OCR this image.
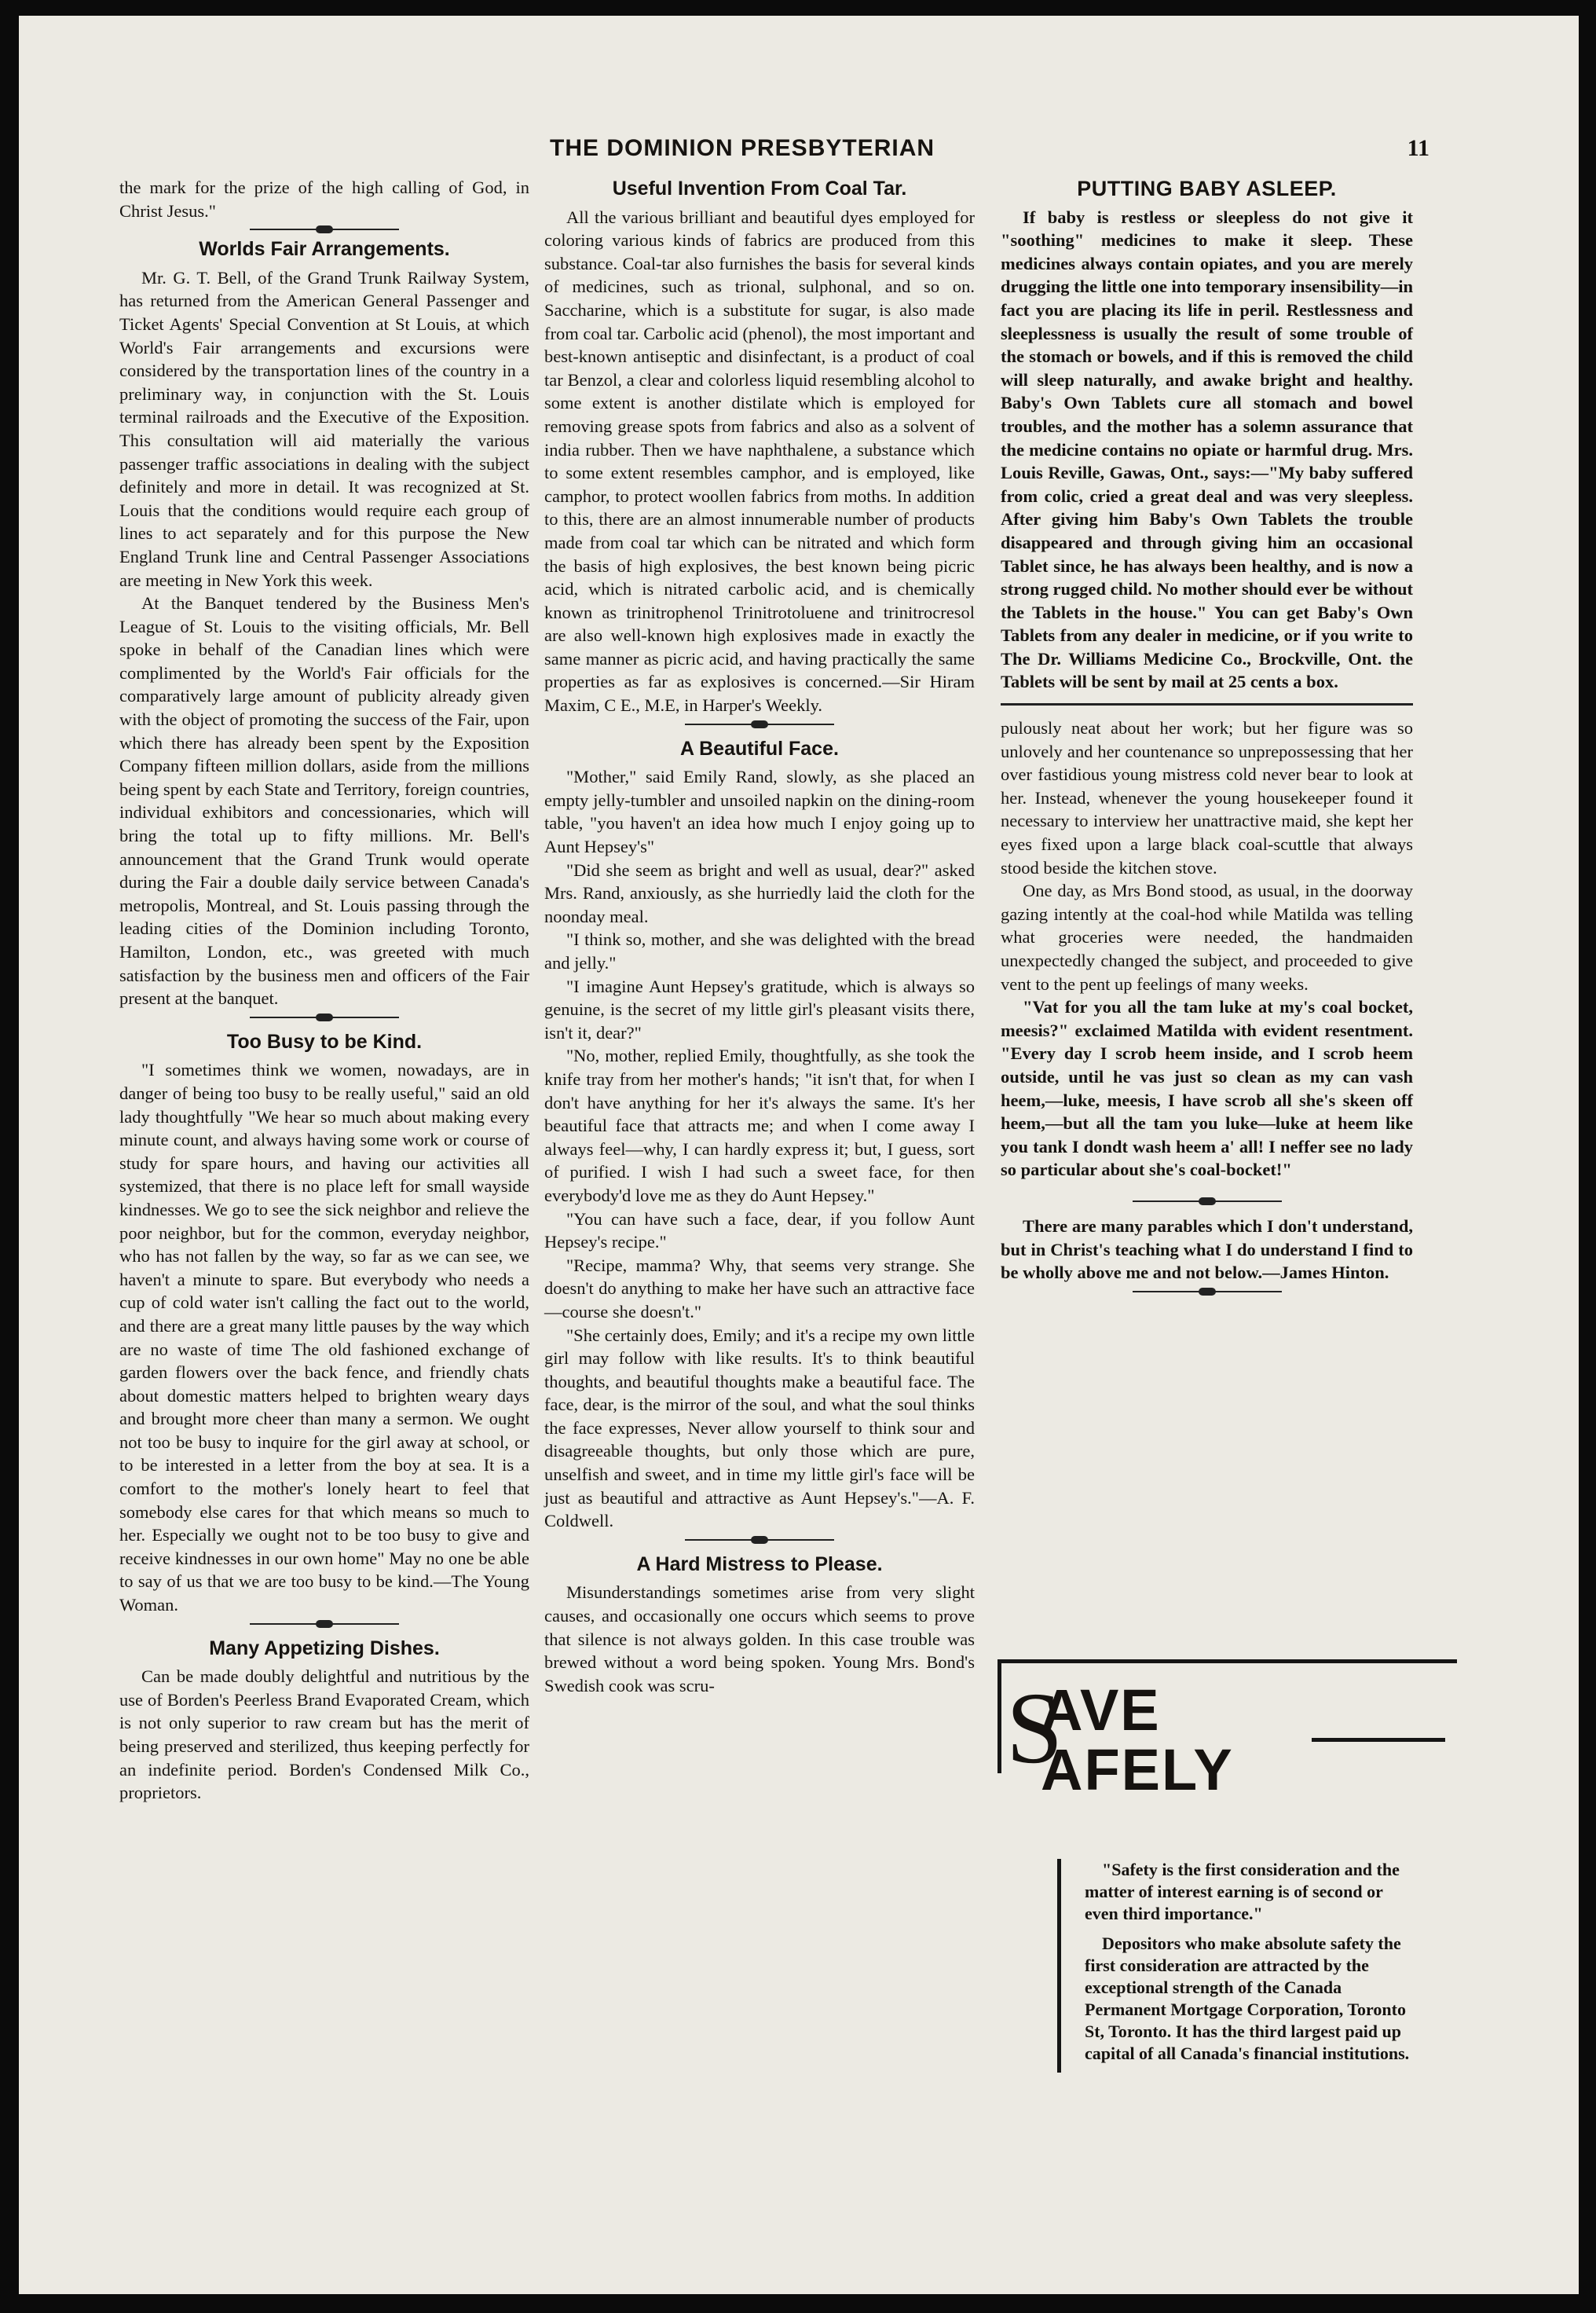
THE DOMINION PRESBYTERIAN	11

the mark for the prize of the high calling of God, in Christ Jesus."

Worlds Fair Arrangements.

Mr. G. T. Bell, of the Grand Trunk Railway System, has returned from the American General Passenger and Ticket Agents' Special Convention at St Louis, at which World's Fair arrangements and excursions were considered by the transportation lines of the country in a preliminary way, in conjunction with the St. Louis terminal railroads and the Executive of the Exposition. This consultation will aid materially the various passenger traffic associations in dealing with the subject definitely and more in detail. It was recognized at St. Louis that the conditions would require each group of lines to act separately and for this purpose the New England Trunk line and Central Passenger Associations are meeting in New York this week.

At the Banquet tendered by the Business Men's League of St. Louis to the visiting officials, Mr. Bell spoke in behalf of the Canadian lines which were complimented by the World's Fair officials for the comparatively large amount of publicity already given with the object of promoting the success of the Fair, upon which there has already been spent by the Exposition Company fifteen million dollars, aside from the millions being spent by each State and Territory, foreign countries, individual exhibitors and concessionaries, which will bring the total up to fifty millions. Mr. Bell's announcement that the Grand Trunk would operate during the Fair a double daily service between Canada's metropolis, Montreal, and St. Louis passing through the leading cities of the Dominion including Toronto, Hamilton, London, etc., was greeted with much satisfaction by the business men and officers of the Fair present at the banquet.

Too Busy to be Kind.

"I sometimes think we women, nowadays, are in danger of being too busy to be really useful," said an old lady thoughtfully "We hear so much about making every minute count, and always having some work or course of study for spare hours, and having our activities all systemized, that there is no place left for small wayside kindnesses. We go to see the sick neighbor and relieve the poor neighbor, but for the common, everyday neighbor, who has not fallen by the way, so far as we can see, we haven't a minute to spare. But everybody who needs a cup of cold water isn't calling the fact out to the world, and there are a great many little pauses by the way which are no waste of time The old fashioned exchange of garden flowers over the back fence, and friendly chats about domestic matters helped to brighten weary days and brought more cheer than many a sermon. We ought not too be busy to inquire for the girl away at school, or to be interested in a letter from the boy at sea. It is a comfort to the mother's lonely heart to feel that somebody else cares for that which means so much to her. Especially we ought not to be too busy to give and receive kindnesses in our own home" May no one be able to say of us that we are too busy to be kind.—The Young Woman.

Many Appetizing Dishes.

Can be made doubly delightful and nutritious by the use of Borden's Peerless Brand Evaporated Cream, which is not only superior to raw cream but has the merit of being preserved and sterilized, thus keeping perfectly for an indefinite period. Borden's Condensed Milk Co., proprietors.

Useful Invention From Coal Tar.

All the various brilliant and beautiful dyes employed for coloring various kinds of fabrics are produced from this substance. Coal-tar also furnishes the basis for several kinds of medicines, such as trional, sulphonal, and so on. Saccharine, which is a substitute for sugar, is also made from coal tar. Carbolic acid (phenol), the most important and best-known antiseptic and disinfectant, is a product of coal tar Benzol, a clear and colorless liquid resembling alcohol to some extent is another distilate which is employed for removing grease spots from fabrics and also as a solvent of india rubber. Then we have naphthalene, a substance which to some extent resembles camphor, and is employed, like camphor, to protect woollen fabrics from moths. In addition to this, there are an almost innumerable number of products made from coal tar which can be nitrated and which form the basis of high explosives, the best known being picric acid, which is nitrated carbolic acid, and is chemically known as trinitrophenol Trinitrotoluene and trinitrocresol are also well-known high explosives made in exactly the same manner as picric acid, and having practically the same properties as far as explosives is concerned.—Sir Hiram Maxim, C E., M.E, in Harper's Weekly.

A Beautiful Face.

"Mother," said Emily Rand, slowly, as she placed an empty jelly-tumbler and unsoiled napkin on the dining-room table, "you haven't an idea how much I enjoy going up to Aunt Hepsey's"

"Did she seem as bright and well as usual, dear?" asked Mrs. Rand, anxiously, as she hurriedly laid the cloth for the noonday meal.

"I think so, mother, and she was delighted with the bread and jelly."

"I imagine Aunt Hepsey's gratitude, which is always so genuine, is the secret of my little girl's pleasant visits there, isn't it, dear?"

"No, mother, replied Emily, thoughtfully, as she took the knife tray from her mother's hands; "it isn't that, for when I don't have anything for her it's always the same. It's her beautiful face that attracts me; and when I come away I always feel—why, I can hardly express it; but, I guess, sort of purified. I wish I had such a sweet face, for then everybody'd love me as they do Aunt Hepsey."

"You can have such a face, dear, if you follow Aunt Hepsey's recipe."

"Recipe, mamma? Why, that seems very strange. She doesn't do anything to make her have such an attractive face—course she doesn't."

"She certainly does, Emily; and it's a recipe my own little girl may follow with like results. It's to think beautiful thoughts, and beautiful thoughts make a beautiful face. The face, dear, is the mirror of the soul, and what the soul thinks the face expresses, Never allow yourself to think sour and disagreeable thoughts, but only those which are pure, unselfish and sweet, and in time my little girl's face will be just as beautiful and attractive as Aunt Hepsey's."—A. F. Coldwell.

A Hard Mistress to Please.

Misunderstandings sometimes arise from very slight causes, and occasionally one occurs which seems to prove that silence is not always golden. In this case trouble was brewed without a word being spoken. Young Mrs. Bond's Swedish cook was scru-

PUTTING BABY ASLEEP.

If baby is restless or sleepless do not give it "soothing" medicines to make it sleep. These medicines always contain opiates, and you are merely drugging the little one into temporary insensibility—in fact you are placing its life in peril. Restlessness and sleeplessness is usually the result of some trouble of the stomach or bowels, and if this is removed the child will sleep naturally, and awake bright and healthy. Baby's Own Tablets cure all stomach and bowel troubles, and the mother has a solemn assurance that the medicine contains no opiate or harmful drug. Mrs. Louis Reville, Gawas, Ont., says:—"My baby suffered from colic, cried a great deal and was very sleepless. After giving him Baby's Own Tablets the trouble disappeared and through giving him an occasional Tablet since, he has always been healthy, and is now a strong rugged child. No mother should ever be without the Tablets in the house." You can get Baby's Own Tablets from any dealer in medicine, or if you write to The Dr. Williams Medicine Co., Brockville, Ont. the Tablets will be sent by mail at 25 cents a box.

pulously neat about her work; but her figure was so unlovely and her countenance so unprepossessing that her over fastidious young mistress cold never bear to look at her. Instead, whenever the young housekeeper found it necessary to interview her unattractive maid, she kept her eyes fixed upon a large black coal-scuttle that always stood beside the kitchen stove.

One day, as Mrs Bond stood, as usual, in the doorway gazing intently at the coal-hod while Matilda was telling what groceries were needed, the handmaiden unexpectedly changed the subject, and proceeded to give vent to the pent up feelings of many weeks.

"Vat for you all the tam luke at my's coal bocket, meesis?" exclaimed Matilda with evident resentment. "Every day I scrob heem inside, and I scrob heem outside, until he vas just so clean as my can vash heem,—luke, meesis, I have scrob all she's skeen off heem,—but all the tam you luke—luke at heem like you tank I dondt wash heem a' all! I neffer see no lady so particular about she's coal-bocket!"

There are many parables which I don't understand, but in Christ's teaching what I do understand I find to be wholly above me and not below.—James Hinton.

S
AVE
AFELY

"Safety is the first consideration and the matter of interest earning is of second or even third importance."

Depositors who make absolute safety the first consideration are attracted by the exceptional strength of the Canada Permanent Mortgage Corporation, Toronto St, Toronto. It has the third largest paid up capital of all Canada's financial institutions.
